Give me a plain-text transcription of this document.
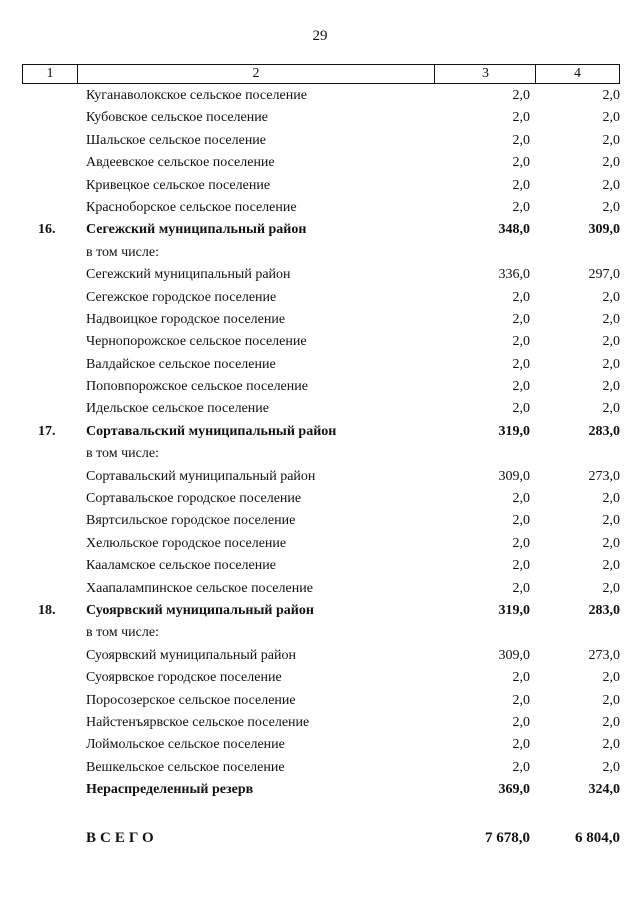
29
1	2	3	4
Куганаволокское сельское поселение	2,0	2,0
Кубовское сельское поселение	2,0	2,0
Шальское сельское поселение	2,0	2,0
Авдеевское сельское поселение	2,0	2,0
Кривецкое сельское поселение	2,0	2,0
Красноборское сельское поселение	2,0	2,0
16.	Сегежский муниципальный район	348,0	309,0
в том числе:
Сегежский муниципальный район	336,0	297,0
Сегежское городское поселение	2,0	2,0
Надвоицкое городское поселение	2,0	2,0
Чернопорожское сельское поселение	2,0	2,0
Валдайское сельское поселение	2,0	2,0
Поповпорожское сельское поселение	2,0	2,0
Идельское сельское поселение	2,0	2,0
17.	Сортавальский муниципальный район	319,0	283,0
в том числе:
Сортавальский муниципальный район	309,0	273,0
Сортавальское городское поселение	2,0	2,0
Вяртсильское городское поселение	2,0	2,0
Хелюльское городское поселение	2,0	2,0
Кааламское сельское поселение	2,0	2,0
Хаапалампинское сельское поселение	2,0	2,0
18.	Суоярвский муниципальный район	319,0	283,0
в том числе:
Суоярвский муниципальный район	309,0	273,0
Суоярвское городское поселение	2,0	2,0
Поросозерское сельское поселение	2,0	2,0
Найстенъярвское сельское поселение	2,0	2,0
Лоймольское сельское поселение	2,0	2,0
Вешкельское сельское поселение	2,0	2,0
Нераспределенный резерв	369,0	324,0
ВСЕГО	7 678,0	6 804,0
